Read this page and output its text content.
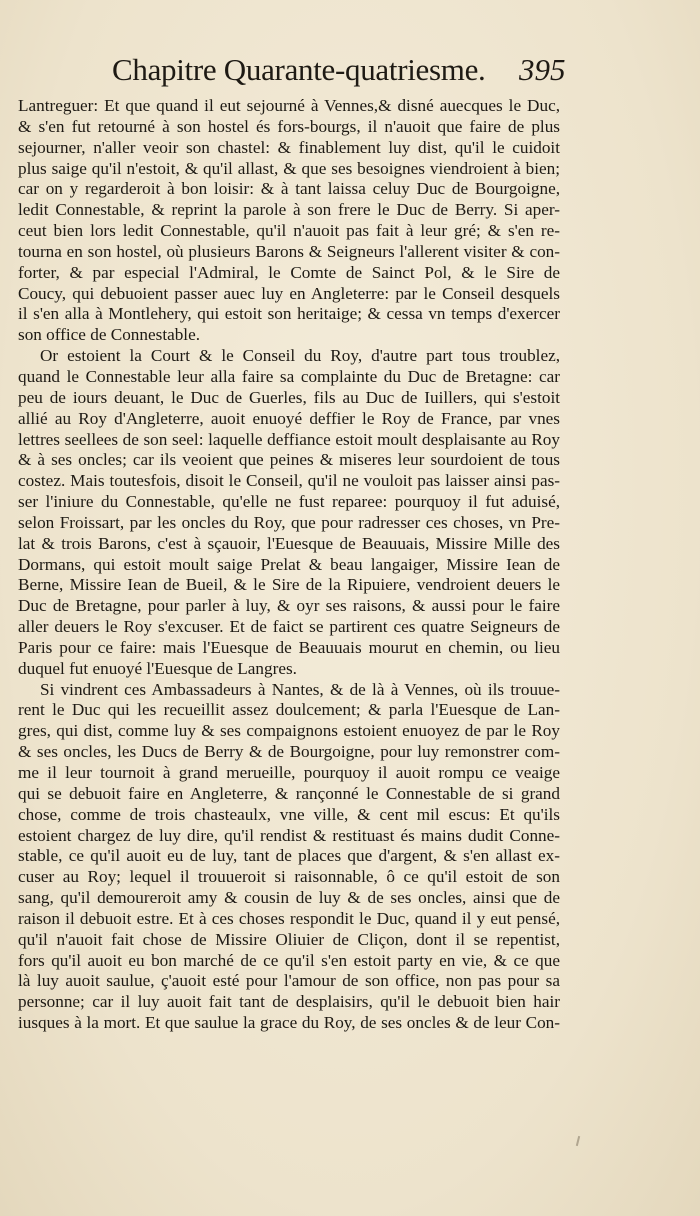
Chapitre Quarante-quatriesme. 395
Lantreguer: Et que quand il eut sejourné à Vennes,& disné auecques le Duc,
& s'en fut retourné à son hostel és fors-bourgs, il n'auoit que faire de plus
sejourner, n'aller veoir son chastel: & finablement luy dist, qu'il le cuidoit
plus saige qu'il n'estoit, & qu'il allast, & que ses besoignes viendroient à bien;
car on y regarderoit à bon loisir: & à tant laissa celuy Duc de Bourgoigne,
ledit Connestable, & reprint la parole à son frere le Duc de Berry. Si aper-
ceut bien lors ledit Connestable, qu'il n'auoit pas fait à leur gré; & s'en re-
tourna en son hostel, où plusieurs Barons & Seigneurs l'allerent visiter & con-
forter, & par especial l'Admiral, le Comte de Sainct Pol, & le Sire de
Coucy, qui debuoient passer auec luy en Angleterre: par le Conseil desquels
il s'en alla à Montlehery, qui estoit son heritaige; & cessa vn temps d'exercer
son office de Connestable.
Or estoient la Court & le Conseil du Roy, d'autre part tous troublez,
quand le Connestable leur alla faire sa complainte du Duc de Bretagne: car
peu de iours deuant, le Duc de Guerles, fils au Duc de Iuillers, qui s'estoit
allié au Roy d'Angleterre, auoit enuoyé deffier le Roy de France, par vnes
lettres seellees de son seel: laquelle deffiance estoit moult desplaisante au Roy
& à ses oncles; car ils veoient que peines & miseres leur sourdoient de tous
costez. Mais toutesfois, disoit le Conseil, qu'il ne vouloit pas laisser ainsi pas-
ser l'iniure du Connestable, qu'elle ne fust reparee: pourquoy il fut aduisé,
selon Froissart, par les oncles du Roy, que pour radresser ces choses, vn Pre-
lat & trois Barons, c'est à sçauoir, l'Euesque de Beauuais, Missire Mille des
Dormans, qui estoit moult saige Prelat & beau langaiger, Missire Iean de
Berne, Missire Iean de Bueil, & le Sire de la Ripuiere, vendroient deuers le
Duc de Bretagne, pour parler à luy, & oyr ses raisons, & aussi pour le faire
aller deuers le Roy s'excuser. Et de faict se partirent ces quatre Seigneurs de
Paris pour ce faire: mais l'Euesque de Beauuais mourut en chemin, ou lieu
duquel fut enuoyé l'Euesque de Langres.
Si vindrent ces Ambassadeurs à Nantes, & de là à Vennes, où ils trouue-
rent le Duc qui les recueillit assez doulcement; & parla l'Euesque de Lan-
gres, qui dist, comme luy & ses compaignons estoient enuoyez de par le Roy
& ses oncles, les Ducs de Berry & de Bourgoigne, pour luy remonstrer com-
me il leur tournoit à grand merueille, pourquoy il auoit rompu ce veaige
qui se debuoit faire en Angleterre, & rançonné le Connestable de si grand
chose, comme de trois chasteaulx, vne ville, & cent mil escus: Et qu'ils
estoient chargez de luy dire, qu'il rendist & restituast és mains dudit Conne-
stable, ce qu'il auoit eu de luy, tant de places que d'argent, & s'en allast ex-
cuser au Roy; lequel il trouueroit si raisonnable, ô ce qu'il estoit de son
sang, qu'il demoureroit amy & cousin de luy & de ses oncles, ainsi que de
raison il debuoit estre. Et à ces choses respondit le Duc, quand il y eut pensé,
qu'il n'auoit fait chose de Missire Oliuier de Cliçon, dont il se repentist,
fors qu'il auoit eu bon marché de ce qu'il s'en estoit party en vie, & ce que
là luy auoit saulue, ç'auoit esté pour l'amour de son office, non pas pour sa
personne; car il luy auoit fait tant de desplaisirs, qu'il le debuoit bien hair
iusques à la mort. Et que saulue la grace du Roy, de ses oncles & de leur Con-
